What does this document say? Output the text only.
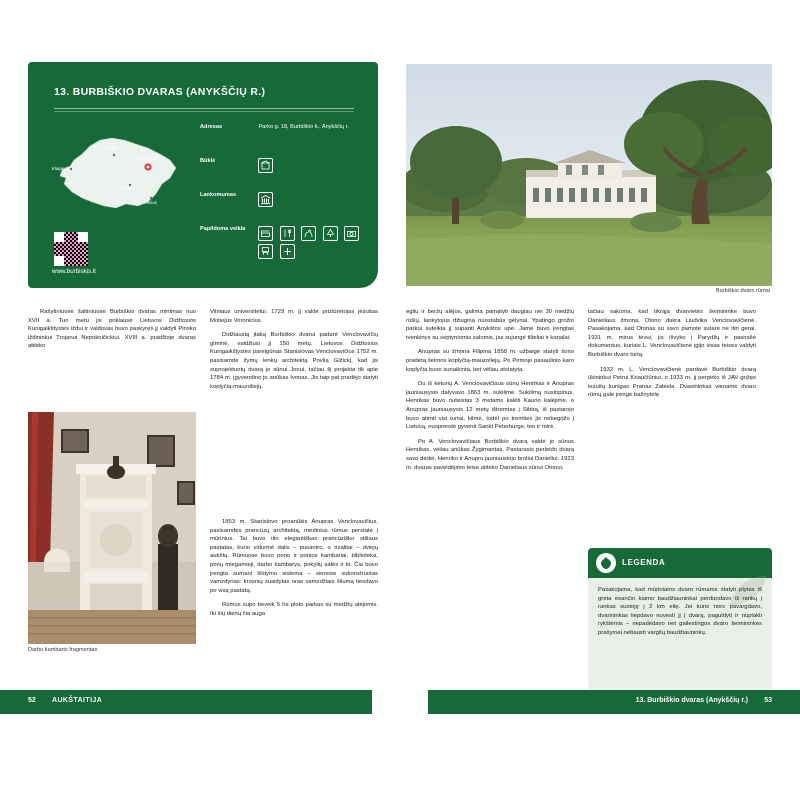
13. BURBIŠKIO DVARAS (ANYKŠČIŲ R.)
Klaipėda
Šiauliai
Panevėžys
Kaunas
Vilnius
www.burbiskis.lt
Adresas	Parko g. 18, Burbiškio k., Anykščių r.
Būklė
Lankomumas
Papildoma veikla

Burbiškio dvaro rūmai
Darbo kambario fragmentas

Rašytiniuose šaltiniuose Burbiškio dvaras minimas nuo XVII a. Tuo metu jis priklausė Lietuvos Didžiosios Kunigaikštystės iždui ir valdovas buvo paskyręs jį valdyti Pinsko iždininkui Trojanui Nepokoičickiui. XVIII a. pradžioje dvaras atiteko

Vilniaus universitetui. 1729 m. jį valdė priziūrėtojas jėzuitas Motiejus Voronicius.

Didžiausią įtaką Burbiškio dvarui padarė Venclovavičių giminė, valdžiusi jį 150 metų. Lietuvos Didžiosios Kunigaikštystės pareigūnas Stanislovas Venclovavičius 1752 m. pasisamdė žymų lenkų architektą Povilą Gižickį, kad jis suprojektuotų dvarą jo sūnui Jonui, tačiau šį projekta tik apie 1784 m. įgyvendino jo anūkas Ivonas. Jis taip pat pradėjo statyti koplyčią-mauzoliejų.

egliu ir beržų alėjos, galima pamatyti daugiau nei 30 medžių rūšių, lankytojus džiugina nuostabūs gėlynai. Ypatingo grožio parkui suteikia jį supanti Anykštos upė. Jame buvo įrengtas tvenkinys su septyniomis salomis, jas sujungė tilteliai ir kanalai.

Anupras su žmona Filipina 1858 m. užbaigė statyti šono pradėtą šeimos koplyčią-mauzoliejų. Po Pirmojo pasaulinio karo koplyčia buvo sunaikinta, bet vėliau atstatyta.

Du iš keturių A. Venclovavičiaus sūnų Henrikas ir Anupras jauniausysis dalyvavo 1863 m. sukilime. Sukilimą nuslopinus, Henrikas buvo nuteistas 3 metams kalėti Kauno kalėjime, o Anupras jauniausysis 12 metų ištremtas į Sibirą, iš pastarojo buvo atimti visi turtai, kilmė, todėl po tremties jis nebegrįžo į Lietuvą, nusprendė gyventi Sankt Peterburge, ten ir mirė.

Po A. Venclovavičiaus Burbiškio dvarą valdė jo sūnus Henrikas, vėliau anūkas Žygimantas. Pastarasis perleido dvarą savo dėdei, Henriko ir Anupro jauniausiojo broliui Danieliui. 1923 m. dvaras paveldėjimo teise atiteko Danieliaus sūnui Otonui,

tačiau sakoma, kad tikrąja dvarvietės šeimininke buvo Danieliaus žmona, Otono dukra Liudvika Venclovavičienė. Pasakojama, kad Otonas su savo pamote sutarė ne itin gerai. 1931 m. mirus tėvui, jis išvyko į Parydžų ir pasirašė dokumentus, kuriais L. Venclovavičienė įgijo visas teises valdyti Burbiškio dvaro turtą.

1932 m. L. Venclovavičienė pardavė Burbiškio dvarą ūkininkui Petrui Kriaučiūniui, o 1933 m. jį perpirko iš JAV grįžęs iezuitų kunigas Pranas Zabiela. Dvasininkas viename dvaro rūmų gale įrengė bažnytėlę

1853 m. Stanislovo proanūkis Anupras Venclovavičius, pasisamdęs prancūzų architektą, medinius rūmus perstatė į mūrinius. Tai buvo itin elegantiškas prancūziško stiliaus pastatas, kurio viduriné dalis – pusantro, o rizalitai – dviejų aukštų. Rūmuose buvo pono ir ponios kambariai, biblioteka, ponų miegamieji, darbo kambarys, pokylių salés ir kt. Čia buvo įrengta sumani šildymo sistema – sienose sukonstruotas vamzdynas: krosnių susidytas oras vamzdžiais šilumą tiesdavo po visą pastatą.

Rūmus supo beveik 5 ha ploto parkas su medžių alėjomis. Iki šių dienų čia auga

LEGENDA
Pasakojama, kad mūriniams dvaro rūmams statyti plytas iš greta esančio kaimo baudžiauninkai perduodavo iš rankų į rankas sustoję į 2 km eilę. Jei kuris nors pavargdavo, dvarininkas liepdavo nuvesti jį į dvarą, paguldyti ir nuplakti rykštėmis – nepadėdavo net gailestingos dvaro šeimininkės prašymai nebausti vargšų baudžiauninkų.
52 AUKŠTAITIJA	13. Burbiškio dvaras (Anykščių r.) 53
